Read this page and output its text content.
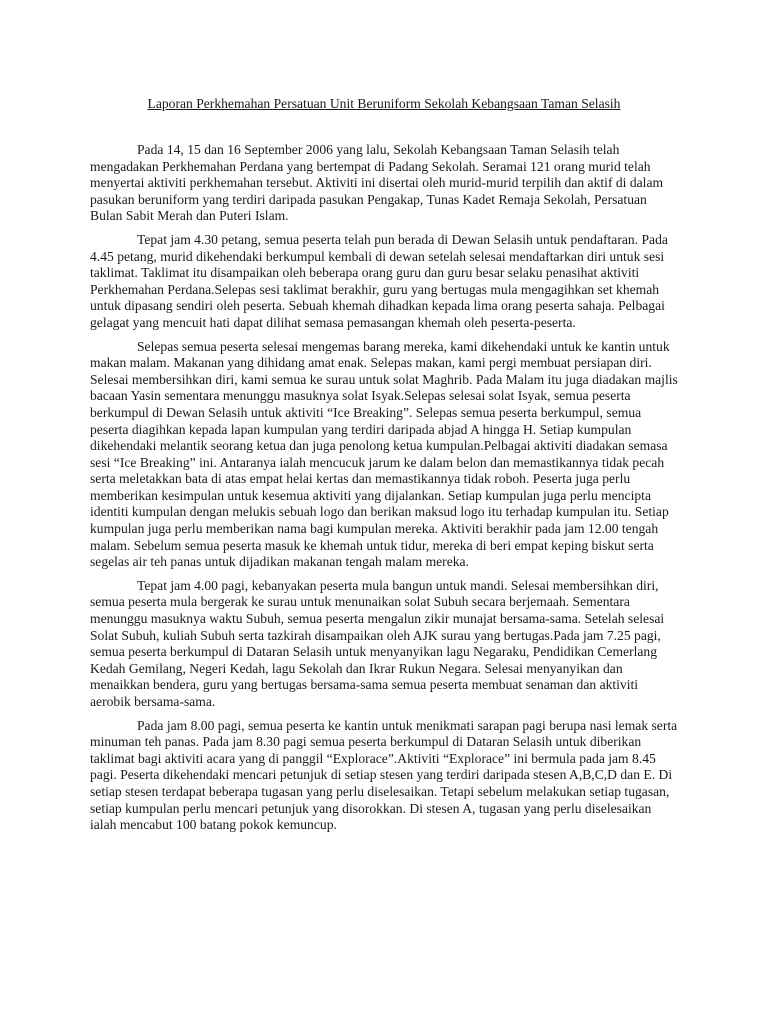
Laporan Perkhemahan Persatuan Unit Beruniform Sekolah Kebangsaan Taman Selasih

Pada 14, 15 dan 16 September 2006 yang lalu, Sekolah Kebangsaan Taman Selasih telah mengadakan Perkhemahan Perdana yang bertempat di Padang Sekolah. Seramai 121 orang murid telah menyertai aktiviti perkhemahan tersebut. Aktiviti ini disertai oleh murid-murid terpilih dan aktif di dalam pasukan beruniform yang terdiri daripada pasukan Pengakap, Tunas Kadet Remaja Sekolah, Persatuan Bulan Sabit Merah dan Puteri Islam.

Tepat jam 4.30 petang, semua peserta telah pun berada di Dewan Selasih untuk pendaftaran. Pada 4.45 petang, murid dikehendaki berkumpul kembali di dewan setelah selesai mendaftarkan diri untuk sesi taklimat. Taklimat itu disampaikan oleh beberapa orang guru dan guru besar selaku penasihat aktiviti Perkhemahan Perdana.Selepas sesi taklimat berakhir, guru yang bertugas mula mengagihkan set khemah untuk dipasang sendiri oleh peserta. Sebuah khemah dihadkan kepada lima orang peserta sahaja. Pelbagai gelagat yang mencuit hati dapat dilihat semasa pemasangan khemah oleh peserta-peserta.

Selepas semua peserta selesai mengemas barang mereka, kami dikehendaki untuk ke kantin untuk makan malam. Makanan yang dihidang amat enak. Selepas makan, kami pergi membuat persiapan diri. Selesai membersihkan diri, kami semua ke surau untuk solat Maghrib. Pada Malam itu juga diadakan majlis bacaan Yasin sementara menunggu masuknya solat Isyak.Selepas selesai solat Isyak, semua peserta berkumpul di Dewan Selasih untuk aktiviti “Ice Breaking”. Selepas semua peserta berkumpul, semua peserta diagihkan kepada lapan kumpulan yang terdiri daripada abjad A hingga H. Setiap kumpulan dikehendaki melantik seorang ketua dan juga penolong ketua kumpulan.Pelbagai aktiviti diadakan semasa sesi “Ice Breaking” ini. Antaranya ialah mencucuk jarum ke dalam belon dan memastikannya tidak pecah serta meletakkan bata di atas empat helai kertas dan memastikannya tidak roboh. Peserta juga perlu memberikan kesimpulan untuk kesemua aktiviti yang dijalankan. Setiap kumpulan juga perlu mencipta identiti kumpulan dengan melukis sebuah logo dan berikan maksud logo itu terhadap kumpulan itu. Setiap kumpulan juga perlu memberikan nama bagi kumpulan mereka. Aktiviti berakhir pada jam 12.00 tengah malam. Sebelum semua peserta masuk ke khemah untuk tidur, mereka di beri empat keping biskut serta segelas air teh panas untuk dijadikan makanan tengah malam mereka.

Tepat jam 4.00 pagi, kebanyakan peserta mula bangun untuk mandi. Selesai membersihkan diri, semua peserta mula bergerak ke surau untuk menunaikan solat Subuh secara berjemaah. Sementara menunggu masuknya waktu Subuh, semua peserta mengalun zikir munajat bersama-sama. Setelah selesai Solat Subuh, kuliah Subuh serta tazkirah disampaikan oleh AJK surau yang bertugas.Pada jam 7.25 pagi, semua peserta berkumpul di Dataran Selasih untuk menyanyikan lagu Negaraku, Pendidikan Cemerlang Kedah Gemilang, Negeri Kedah, lagu Sekolah dan Ikrar Rukun Negara. Selesai menyanyikan dan menaikkan bendera, guru yang bertugas bersama-sama semua peserta membuat senaman dan aktiviti aerobik bersama-sama.

Pada jam 8.00 pagi, semua peserta ke kantin untuk menikmati sarapan pagi berupa nasi lemak serta minuman teh panas. Pada jam 8.30 pagi semua peserta berkumpul di Dataran Selasih untuk diberikan taklimat bagi aktiviti acara yang di panggil “Explorace”.Aktiviti “Explorace” ini bermula pada jam 8.45 pagi. Peserta dikehendaki mencari petunjuk di setiap stesen yang terdiri daripada stesen A,B,C,D dan E. Di setiap stesen terdapat beberapa tugasan yang perlu diselesaikan. Tetapi sebelum melakukan setiap tugasan, setiap kumpulan perlu mencari petunjuk yang disorokkan. Di stesen A, tugasan yang perlu diselesaikan ialah mencabut 100 batang pokok kemuncup.
